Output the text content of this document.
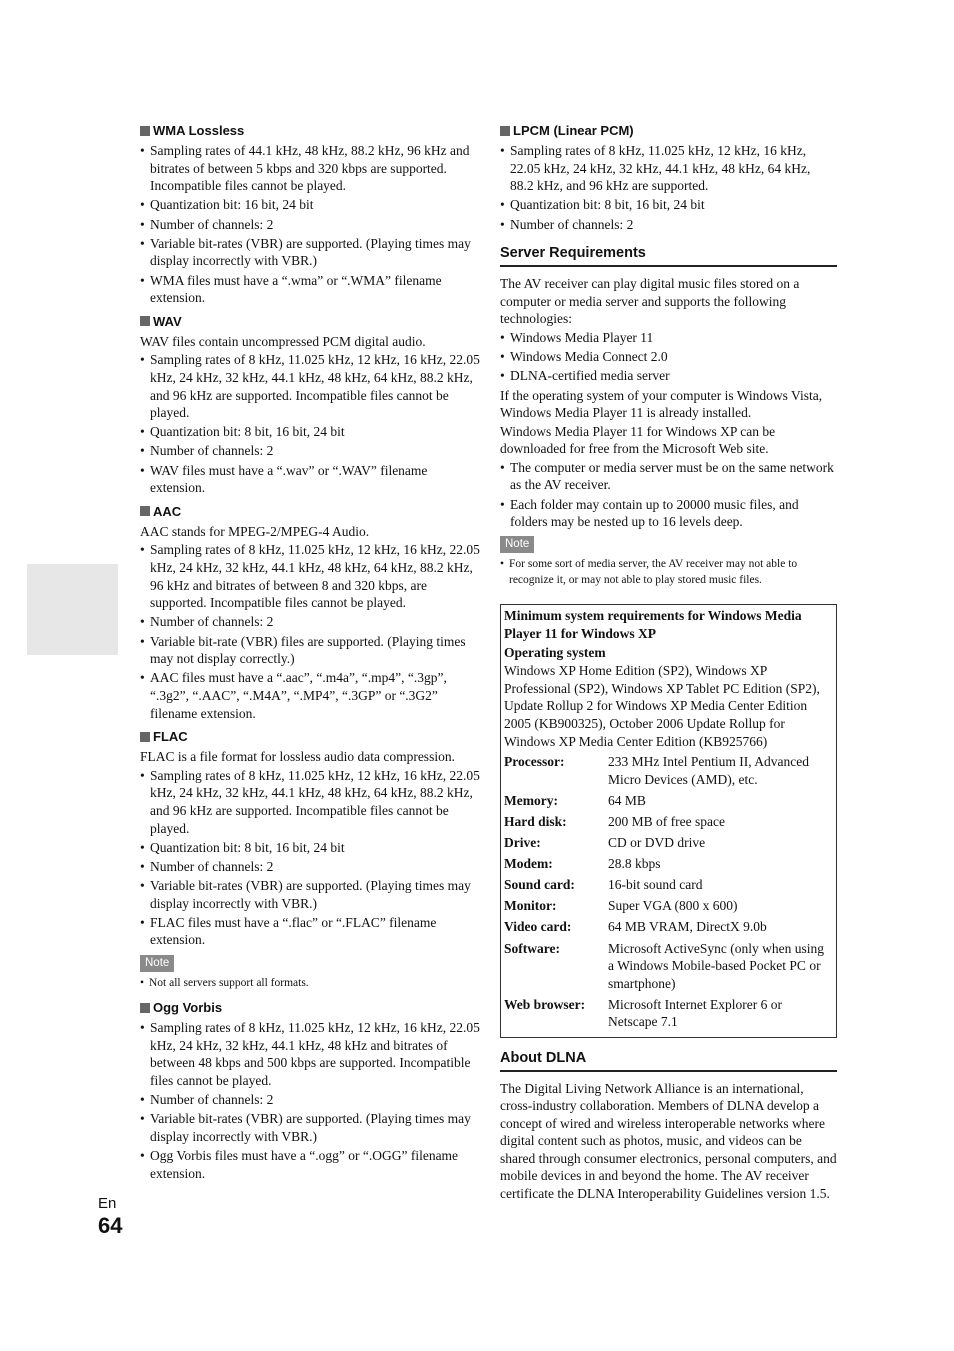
En
64
WMA Lossless
• Sampling rates of 44.1 kHz, 48 kHz, 88.2 kHz, 96 kHz and bitrates of between 5 kbps and 320 kbps are supported. Incompatible files cannot be played.
• Quantization bit: 16 bit, 24 bit
• Number of channels: 2
• Variable bit-rates (VBR) are supported. (Playing times may display incorrectly with VBR.)
• WMA files must have a “.wma” or “.WMA” filename extension.
WAV

WAV files contain uncompressed PCM digital audio.

• Sampling rates of 8 kHz, 11.025 kHz, 12 kHz, 16 kHz, 22.05 kHz, 24 kHz, 32 kHz, 44.1 kHz, 48 kHz, 64 kHz, 88.2 kHz, and 96 kHz are supported. Incompatible files cannot be played.
• Quantization bit: 8 bit, 16 bit, 24 bit
• Number of channels: 2
• WAV files must have a “.wav” or “.WAV” filename extension.
AAC

AAC stands for MPEG-2/MPEG-4 Audio.

• Sampling rates of 8 kHz, 11.025 kHz, 12 kHz, 16 kHz, 22.05 kHz, 24 kHz, 32 kHz, 44.1 kHz, 48 kHz, 64 kHz, 88.2 kHz, 96 kHz and bitrates of between 8 and 320 kbps, are supported. Incompatible files cannot be played.
• Number of channels: 2
• Variable bit-rate (VBR) files are supported. (Playing times may not display correctly.)
• AAC files must have a “.aac”, “.m4a”, “.mp4”, “.3gp”, “.3g2”, “.AAC”, “.M4A”, “.MP4”, “.3GP” or “.3G2” filename extension.
FLAC

FLAC is a file format for lossless audio data compression.

• Sampling rates of 8 kHz, 11.025 kHz, 12 kHz, 16 kHz, 22.05 kHz, 24 kHz, 32 kHz, 44.1 kHz, 48 kHz, 64 kHz, 88.2 kHz, and 96 kHz are supported. Incompatible files cannot be played.
• Quantization bit: 8 bit, 16 bit, 24 bit
• Number of channels: 2
• Variable bit-rates (VBR) are supported. (Playing times may display incorrectly with VBR.)
• FLAC files must have a “.flac” or “.FLAC” filename extension.
Note

• Not all servers support all formats.

Ogg Vorbis
• Sampling rates of 8 kHz, 11.025 kHz, 12 kHz, 16 kHz, 22.05 kHz, 24 kHz, 32 kHz, 44.1 kHz, 48 kHz and bitrates of between 48 kbps and 500 kbps are supported. Incompatible files cannot be played.
• Number of channels: 2
• Variable bit-rates (VBR) are supported. (Playing times may display incorrectly with VBR.)
• Ogg Vorbis files must have a “.ogg” or “.OGG” filename extension.
LPCM (Linear PCM)
• Sampling rates of 8 kHz, 11.025 kHz, 12 kHz, 16 kHz, 22.05 kHz, 24 kHz, 32 kHz, 44.1 kHz, 48 kHz, 64 kHz, 88.2 kHz, and 96 kHz are supported.
• Quantization bit: 8 bit, 16 bit, 24 bit
• Number of channels: 2
Server Requirements

The AV receiver can play digital music files stored on a computer or media server and supports the following technologies:

• Windows Media Player 11
• Windows Media Connect 2.0
• DLNA-certified media server

If the operating system of your computer is Windows Vista, Windows Media Player 11 is already installed.

Windows Media Player 11 for Windows XP can be downloaded for free from the Microsoft Web site.

• The computer or media server must be on the same network as the AV receiver.
• Each folder may contain up to 20000 music files, and folders may be nested up to 16 levels deep.
Note

• For some sort of media server, the AV receiver may not able to recognize it, or may not able to play stored music files.

Minimum system requirements for Windows Media Player 11 for Windows XP

Operating system

Windows XP Home Edition (SP2), Windows XP Professional (SP2), Windows XP Tablet PC Edition (SP2), Update Rollup 2 for Windows XP Media Center Edition 2005 (KB900325), October 2006 Update Rollup for Windows XP Media Center Edition (KB925766)

Processor:	233 MHz Intel Pentium II, Advanced Micro Devices (AMD), etc.
Memory:	64 MB
Hard disk:	200 MB of free space
Drive:	CD or DVD drive
Modem:	28.8 kbps
Sound card:	16-bit sound card
Monitor:	Super VGA (800 x 600)
Video card:	64 MB VRAM, DirectX 9.0b
Software:	Microsoft ActiveSync (only when using a Windows Mobile-based Pocket PC or smartphone)
Web browser:	Microsoft Internet Explorer 6 or Netscape 7.1
About DLNA

The Digital Living Network Alliance is an international, cross-industry collaboration. Members of DLNA develop a concept of wired and wireless interoperable networks where digital content such as photos, music, and videos can be shared through consumer electronics, personal computers, and mobile devices in and beyond the home. The AV receiver certificate the DLNA Interoperability Guidelines version 1.5.
